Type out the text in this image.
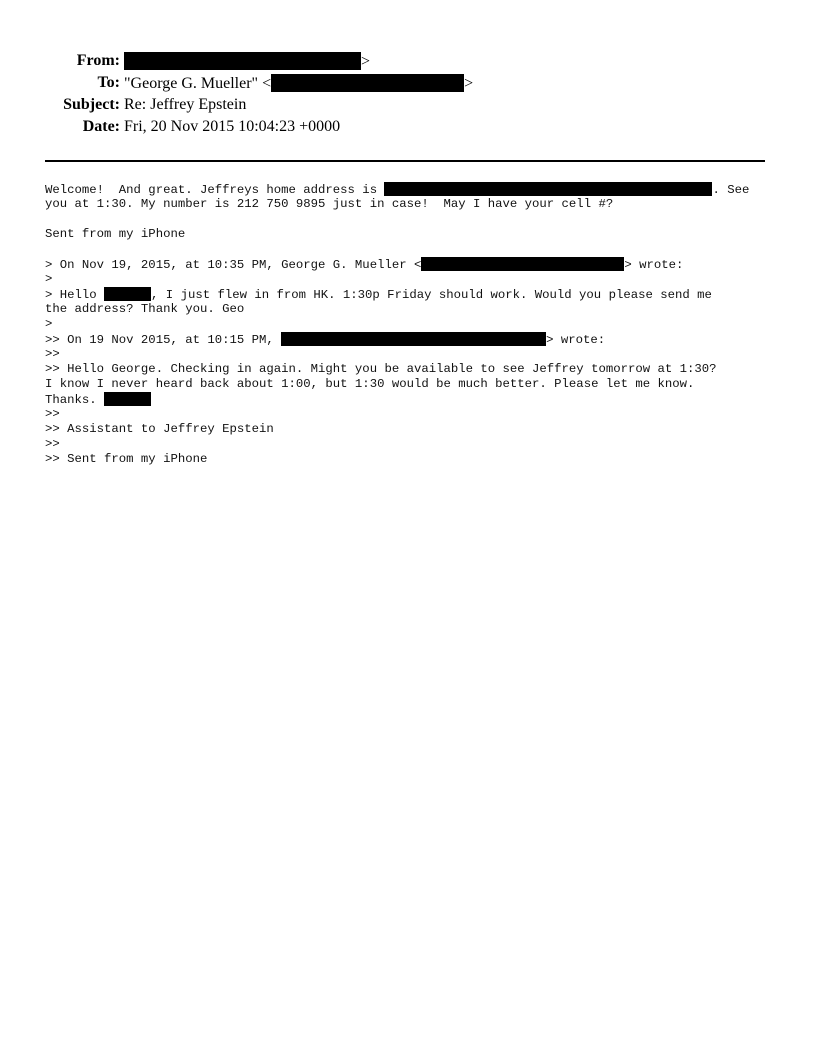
From:	>
To: "George G. Mueller" <	>
Subject: Re: Jeffrey Epstein
Date: Fri, 20 Nov 2015 10:04:23 +0000
Welcome!  And great. Jeffreys home address is	. See
you at 1:30. My number is 212 750 9895 just in case!  May I have your cell #?
Sent from my iPhone
> On Nov 19, 2015, at 10:35 PM, George G. Mueller <	> wrote:
>
> Hello	, I just flew in from HK. 1:30p Friday should work. Would you please send me
the address? Thank you. Geo
>
>> On 19 Nov 2015, at 10:15 PM,	> wrote:
>>
>> Hello George. Checking in again. Might you be available to see Jeffrey tomorrow at 1:30?
I know I never heard back about 1:00, but 1:30 would be much better. Please let me know.
Thanks.
>>
>> Assistant to Jeffrey Epstein
>>
>> Sent from my iPhone
